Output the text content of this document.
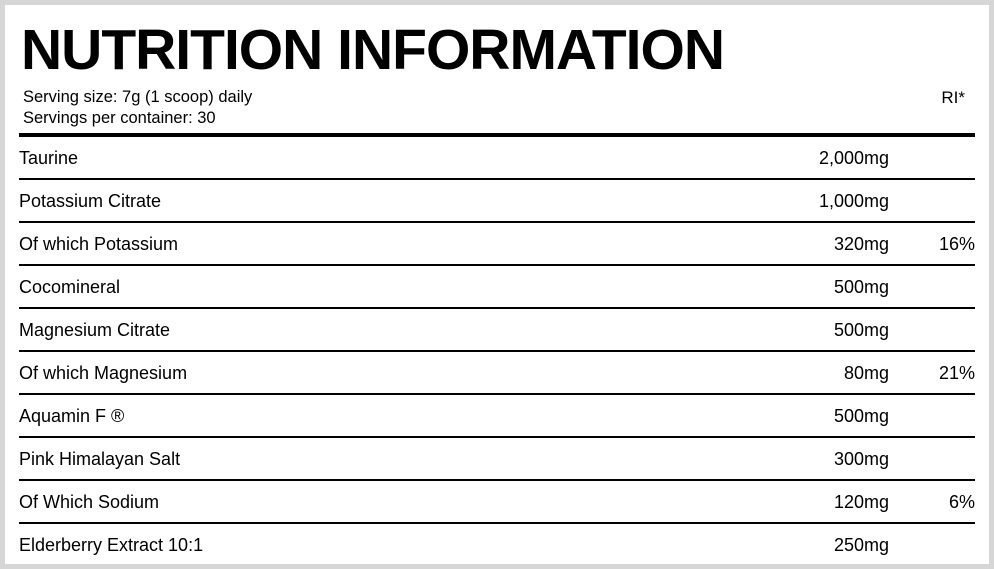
NUTRITION INFORMATION
Serving size: 7g (1 scoop) daily
Servings per container: 30
RI*
Taurine	2,000mg	
Potassium Citrate	1,000mg	
Of which Potassium	320mg	16%
Cocomineral	500mg	
Magnesium Citrate	500mg	
Of which Magnesium	80mg	21%
Aquamin F ®	500mg	
Pink Himalayan Salt	300mg	
Of Which Sodium	120mg	6%
Elderberry Extract 10:1	250mg	
